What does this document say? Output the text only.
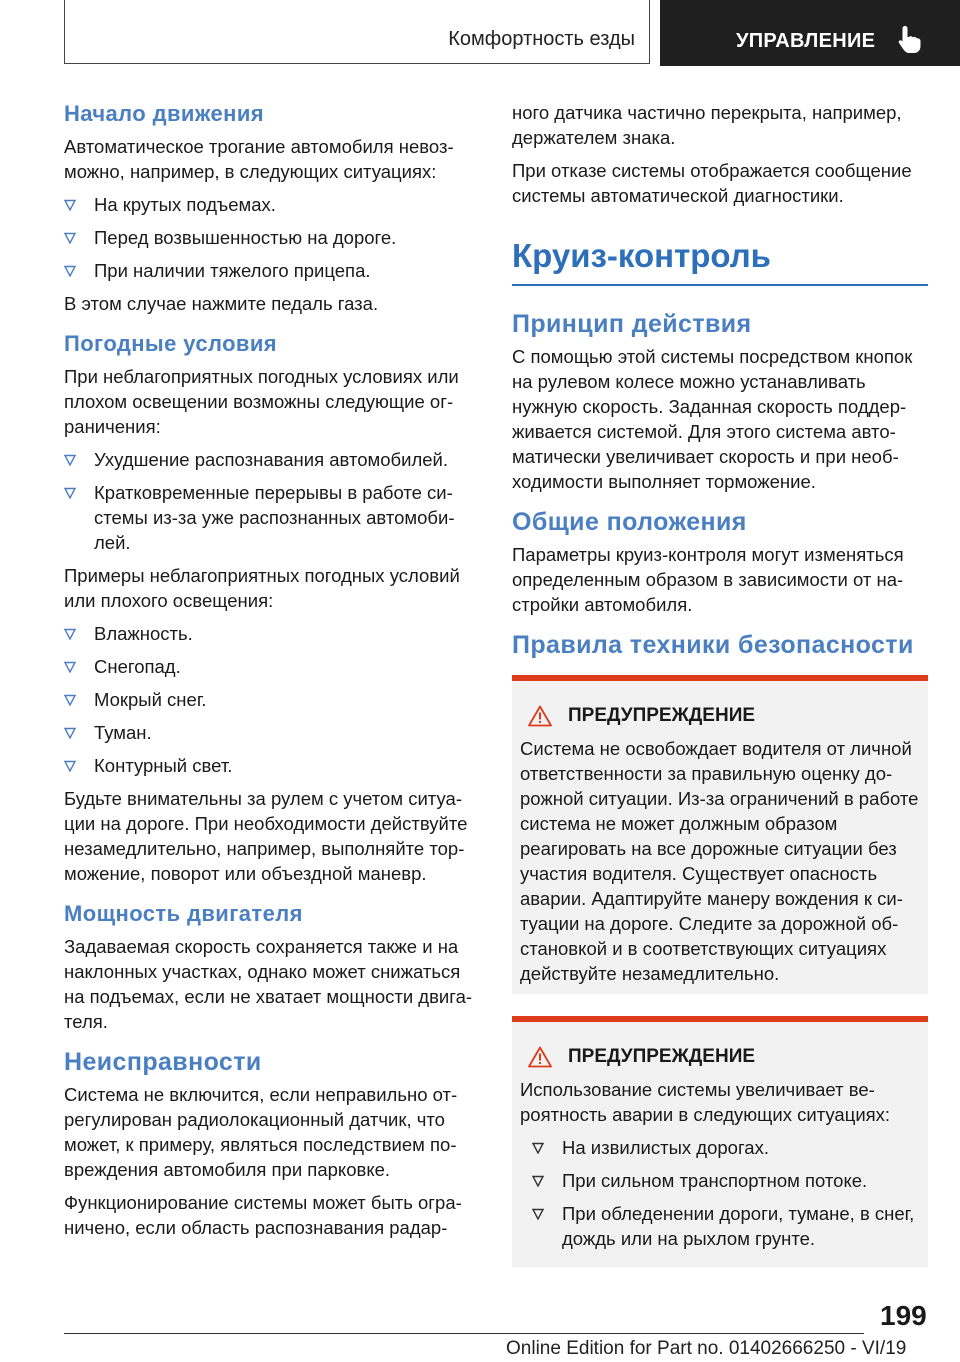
Комфортность езды	УПРАВЛЕНИЕ
Начало движения

Автоматическое трогание автомобиля невозможно, например, в следующих ситуациях:

На крутых подъемах.
Перед возвышенностью на дороге.
При наличии тяжелого прицепа.

В этом случае нажмите педаль газа.

Погодные условия

При неблагоприятных погодных условиях или плохом освещении возможны следующие ограничения:

Ухудшение распознавания автомобилей.
Кратковременные перерывы в работе системы из-за уже распознанных автомобилей.

Примеры неблагоприятных погодных условий или плохого освещения:

Влажность.
Снегопад.
Мокрый снег.
Туман.
Контурный свет.

Будьте внимательны за рулем с учетом ситуации на дороге. При необходимости действуйте незамедлительно, например, выполняйте торможение, поворот или объездной маневр.

Мощность двигателя

Задаваемая скорость сохраняется также и на наклонных участках, однако может снижаться на подъемах, если не хватает мощности двигателя.

Неисправности

Система не включится, если неправильно отрегулирован радиолокационный датчик, что может, к примеру, являться последствием повреждения автомобиля при парковке.

Функционирование системы может быть ограничено, если область распознавания радар-

ного датчика частично перекрыта, например, держателем знака.

При отказе системы отображается сообщение системы автоматической диагностики.

Круиз-контроль
Принцип действия

С помощью этой системы посредством кнопок на рулевом колесе можно устанавливать нужную скорость. Заданная скорость поддерживается системой. Для этого система автоматически увеличивает скорость и при необходимости выполняет торможение.

Общие положения

Параметры круиз-контроля могут изменяться определенным образом в зависимости от настройки автомобиля.

Правила техники безопасности
ПРЕДУПРЕЖДЕНИЕ

Система не освобождает водителя от личной ответственности за правильную оценку дорожной ситуации. Из-за ограничений в работе система не может должным образом реагировать на все дорожные ситуации без участия водителя. Существует опасность аварии. Адаптируйте манеру вождения к ситуации на дороге. Следите за дорожной обстановкой и в соответствующих ситуациях действуйте незамедлительно.

ПРЕДУПРЕЖДЕНИЕ

Использование системы увеличивает вероятность аварии в следующих ситуациях:

На извилистых дорогах.
При сильном транспортном потоке.
При обледенении дороги, тумане, в снег, дождь или на рыхлом грунте.
199
Online Edition for Part no. 01402666250 - VI/19
